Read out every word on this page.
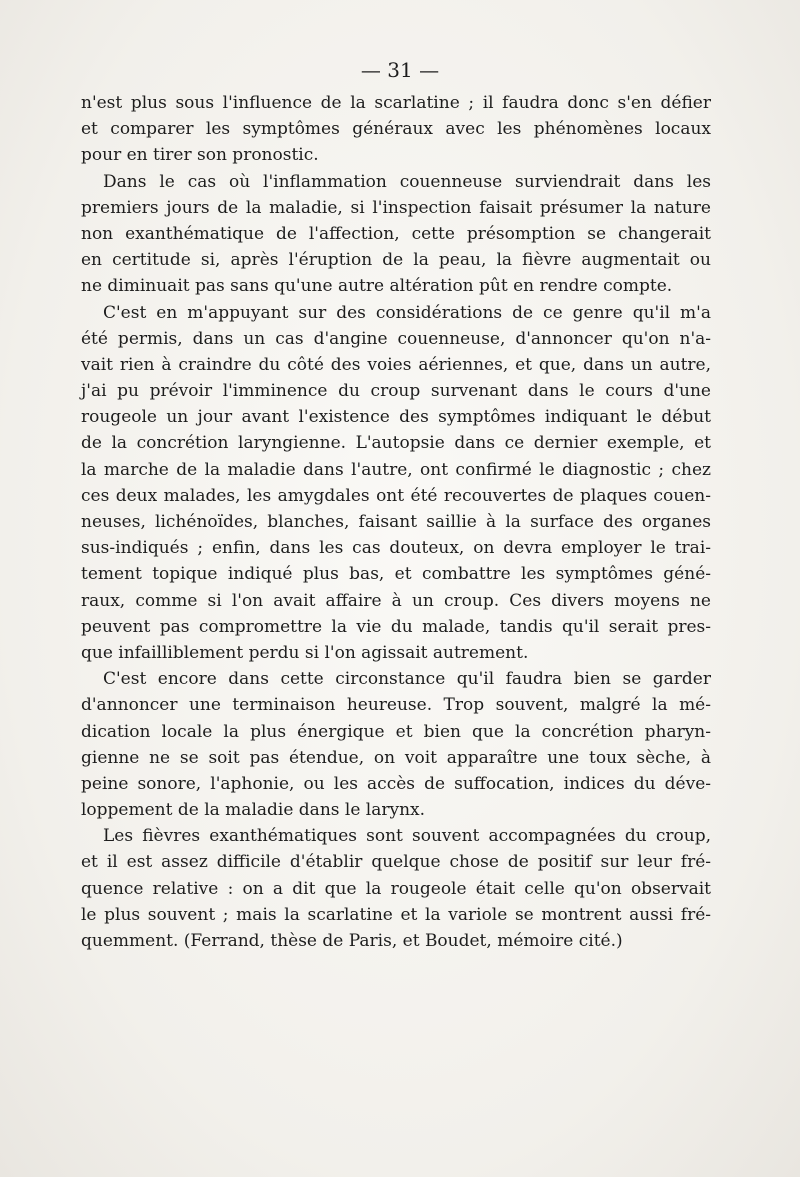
— 31 —
n'est plus sous l'influence de la scarlatine ; il faudra donc s'en défier
et comparer les symptômes généraux avec les phénomènes locaux
pour en tirer son pronostic.
Dans le cas où l'inflammation couenneuse surviendrait dans les
premiers jours de la maladie, si l'inspection faisait présumer la nature
non exanthématique de l'affection, cette présomption se changerait
en certitude si, après l'éruption de la peau, la fièvre augmentait ou
ne diminuait pas sans qu'une autre altération pût en rendre compte.
C'est en m'appuyant sur des considérations de ce genre qu'il m'a
été permis, dans un cas d'angine couenneuse, d'annoncer qu'on n'a-
vait rien à craindre du côté des voies aériennes, et que, dans un autre,
j'ai pu prévoir l'imminence du croup survenant dans le cours d'une
rougeole un jour avant l'existence des symptômes indiquant le début
de la concrétion laryngienne. L'autopsie dans ce dernier exemple, et
la marche de la maladie dans l'autre, ont confirmé le diagnostic ; chez
ces deux malades, les amygdales ont été recouvertes de plaques couen-
neuses, lichénoïdes, blanches, faisant saillie à la surface des organes
sus-indiqués ; enfin, dans les cas douteux, on devra employer le trai-
tement topique indiqué plus bas, et combattre les symptômes géné-
raux, comme si l'on avait affaire à un croup. Ces divers moyens ne
peuvent pas compromettre la vie du malade, tandis qu'il serait pres-
que infailliblement perdu si l'on agissait autrement.
C'est encore dans cette circonstance qu'il faudra bien se garder
d'annoncer une terminaison heureuse. Trop souvent, malgré la mé-
dication locale la plus énergique et bien que la concrétion pharyn-
gienne ne se soit pas étendue, on voit apparaître une toux sèche, à
peine sonore, l'aphonie, ou les accès de suffocation, indices du déve-
loppement de la maladie dans le larynx.
Les fièvres exanthématiques sont souvent accompagnées du croup,
et il est assez difficile d'établir quelque chose de positif sur leur fré-
quence relative : on a dit que la rougeole était celle qu'on observait
le plus souvent ; mais la scarlatine et la variole se montrent aussi fré-
quemment. (Ferrand, thèse de Paris, et Boudet, mémoire cité.)
